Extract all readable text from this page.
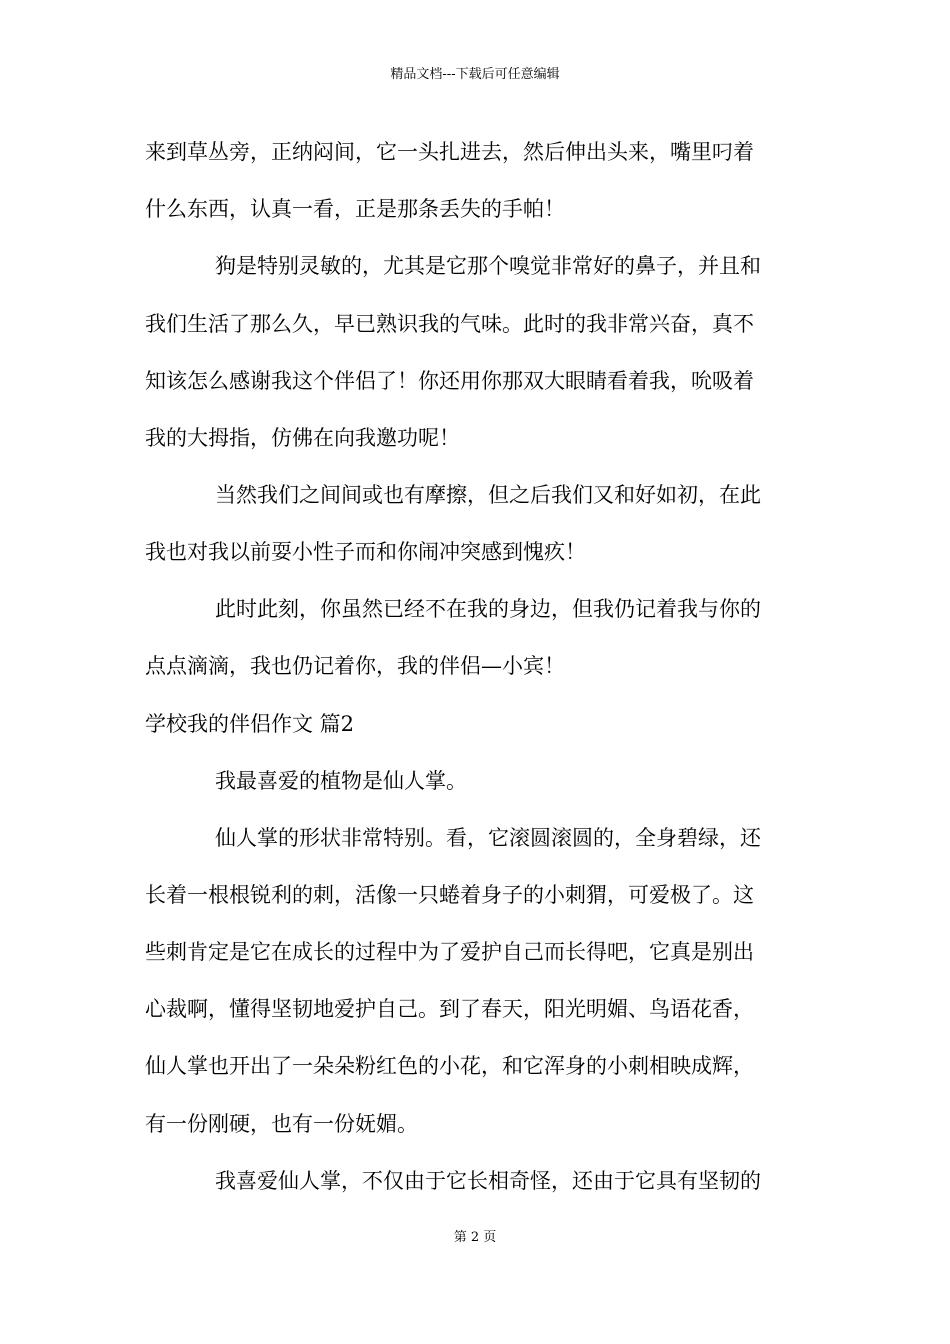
精品文档---下载后可任意编辑
来到草丛旁，正纳闷间，它一头扎进去，然后伸出头来，嘴里叼着
什么东西，认真一看，正是那条丢失的手帕！
狗是特别灵敏的，尤其是它那个嗅觉非常好的鼻子，并且和
我们生活了那么久，早已熟识我的气味。此时的我非常兴奋，真不
知该怎么感谢我这个伴侣了！你还用你那双大眼睛看着我，吮吸着
我的大拇指，仿佛在向我邀功呢！
当然我们之间间或也有摩擦，但之后我们又和好如初，在此
我也对我以前耍小性子而和你闹冲突感到愧疚！
此时此刻，你虽然已经不在我的身边，但我仍记着我与你的
点点滴滴，我也仍记着你，我的伴侣—小宾！
学校我的伴侣作文 篇2
我最喜爱的植物是仙人掌。
仙人掌的形状非常特别。看，它滚圆滚圆的，全身碧绿，还
长着一根根锐利的刺，活像一只蜷着身子的小刺猬，可爱极了。这
些刺肯定是它在成长的过程中为了爱护自己而长得吧，它真是别出
心裁啊，懂得坚韧地爱护自己。到了春天，阳光明媚、鸟语花香，
仙人掌也开出了一朵朵粉红色的小花，和它浑身的小刺相映成辉，
有一份刚硬，也有一份妩媚。
我喜爱仙人掌，不仅由于它长相奇怪，还由于它具有坚韧的
第 2 页
